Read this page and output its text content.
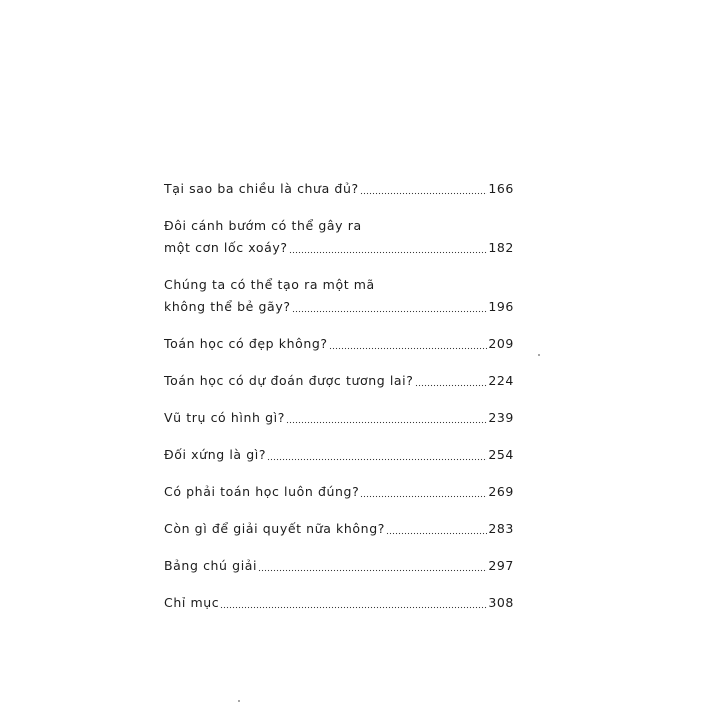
Tại sao ba chiều là chưa đủ?	166
Đôi cánh bướm có thể gây ra
một cơn lốc xoáy?	182
Chúng ta có thể tạo ra một mã
không thể bẻ gãy?	196
Toán học có đẹp không?	209
Toán học có dự đoán được tương lai?	224
Vũ trụ có hình gì?	239
Đối xứng là gì?	254
Có phải toán học luôn đúng?	269
Còn gì để giải quyết nữa không?	283
Bảng chú giải	297
Chỉ mục	308
